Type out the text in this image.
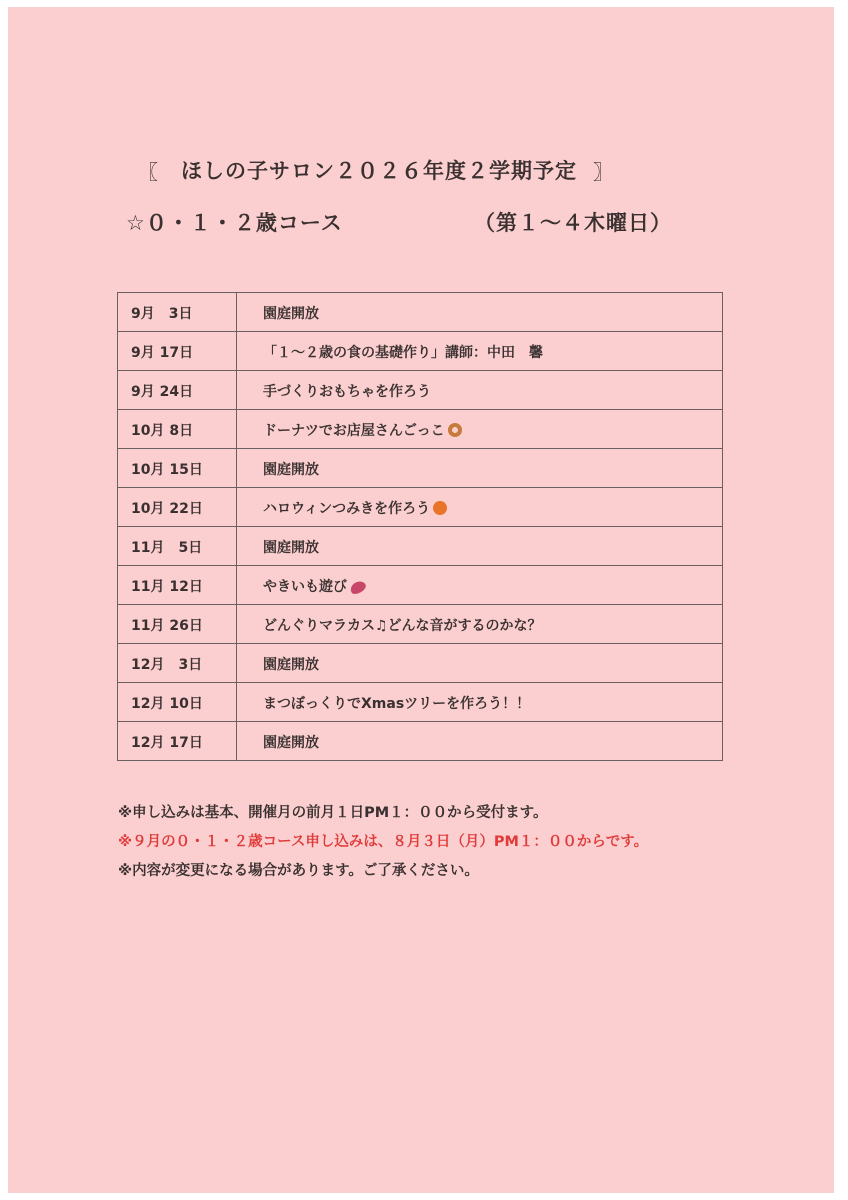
〖 ほしの子サロン２０２６年度２学期予定 〗
☆０・１・２歳コース	（第１～４木曜日）
9月　3日	園庭開放
9月 17日	「１～２歳の食の基礎作り」講師：中田　馨
9月 24日	手づくりおもちゃを作ろう
10月 8日	ドーナツでお店屋さんごっこ
10月 15日	園庭開放
10月 22日	ハロウィンつみきを作ろう
11月　5日	園庭開放
11月 12日	やきいも遊び
11月 26日	どんぐりマラカス♫どんな音がするのかな？
12月　3日	園庭開放
12月 10日	まつぼっくりでXmasツリーを作ろう！！
12月 17日	園庭開放
※申し込みは基本、開催月の前月１日PM１：００から受付ます。
※９月の０・１・２歳コース申し込みは、８月３日（月）PM１：００からです。
※内容が変更になる場合があります。ご了承ください。
